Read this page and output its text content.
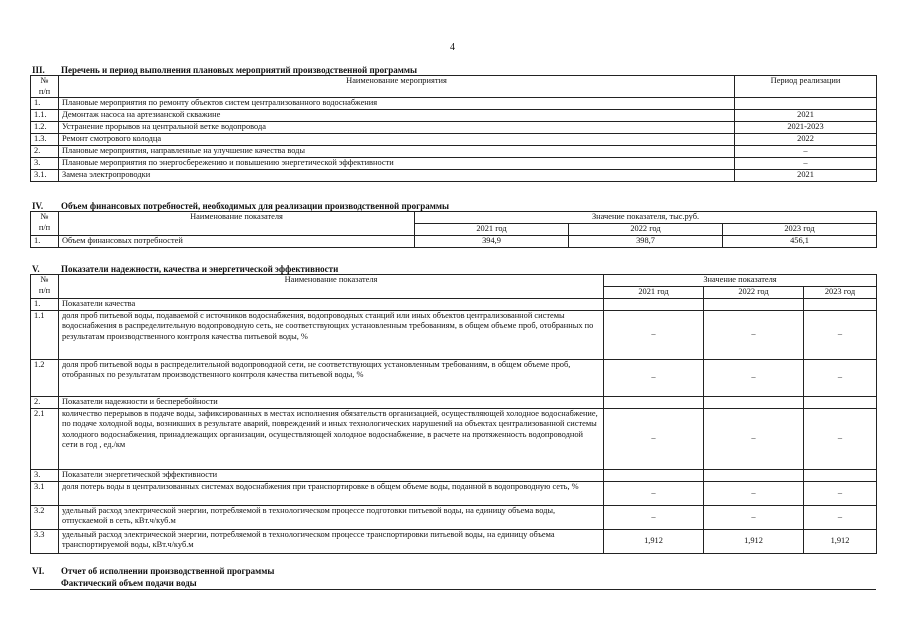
4
III. Перечень и период выполнения плановых мероприятий производственной программы
№
п/п	Наименование мероприятия	Период реализации
1.	Плановые мероприятия по ремонту объектов систем централизованного водоснабжения	
1.1.	Демонтаж насоса на артезианской скважине	2021
1.2.	Устранение прорывов на центральной ветке водопровода	2021-2023
1.3.	Ремонт смотрового колодца	2022
2.	Плановые мероприятия, направленные на улучшение качества воды	–
3.	Плановые мероприятия по энергосбережению и повышению энергетической эффективности	–
3.1.	Замена электропроводки	2021
IV. Объем финансовых потребностей, необходимых для реализации производственной программы
№
п/п	Наименование показателя	Значение показателя, тыс.руб.		
		2021 год	2022 год	2023 год
1.	Объем финансовых потребностей	394,9	398,7	456,1
V. Показатели надежности, качества и энергетической эффективности
№
п/п	Наименование показателя	Значение показателя		
		2021 год	2022 год	2023 год
1.	Показатели качества			
1.1	доля проб питьевой воды, подаваемой с источников водоснабжения, водопроводных станций или иных объектов централизованной системы водоснабжения в распределительную водопроводную сеть, не соответствующих установленным требованиям, в общем объеме проб, отобранных по результатам производственного контроля качества питьевой воды, %	–	–	–
1.2	доля проб питьевой воды в распределительной водопроводной сети, не соответствующих установленным требованиям, в общем объеме проб, отобранных по результатам производственного контроля качества питьевой воды, %	–	–	–
2.	Показатели надежности и бесперебойности			
2.1	количество перерывов в подаче воды, зафиксированных в местах исполнения обязательств организацией, осуществляющей холодное водоснабжение, по подаче холодной воды, возникших в результате аварий, повреждений и иных технологических нарушений на объектах централизованной системы холодного водоснабжения, принадлежащих организации, осуществляющей холодное водоснабжение, в расчете на протяженность водопроводной сети в год , ед./км	–	–	–
3.	Показатели энергетической эффективности			
3.1	доля потерь воды в централизованных системах водоснабжения при транспортировке в общем объеме воды, поданной в водопроводную сеть, %	–	–	–
3.2	удельный расход электрической энергии, потребляемой в технологическом процессе подготовки питьевой воды, на единицу объема воды, отпускаемой в сеть, кВт.ч/куб.м	–	–	–
3.3	удельный расход электрической энергии, потребляемой в технологическом процессе транспортировки питьевой воды, на единицу объема транспортируемой воды, кВт.ч/куб.м	1,912	1,912	1,912
VI. Отчет об исполнении производственной программы
Фактический объем подачи воды
